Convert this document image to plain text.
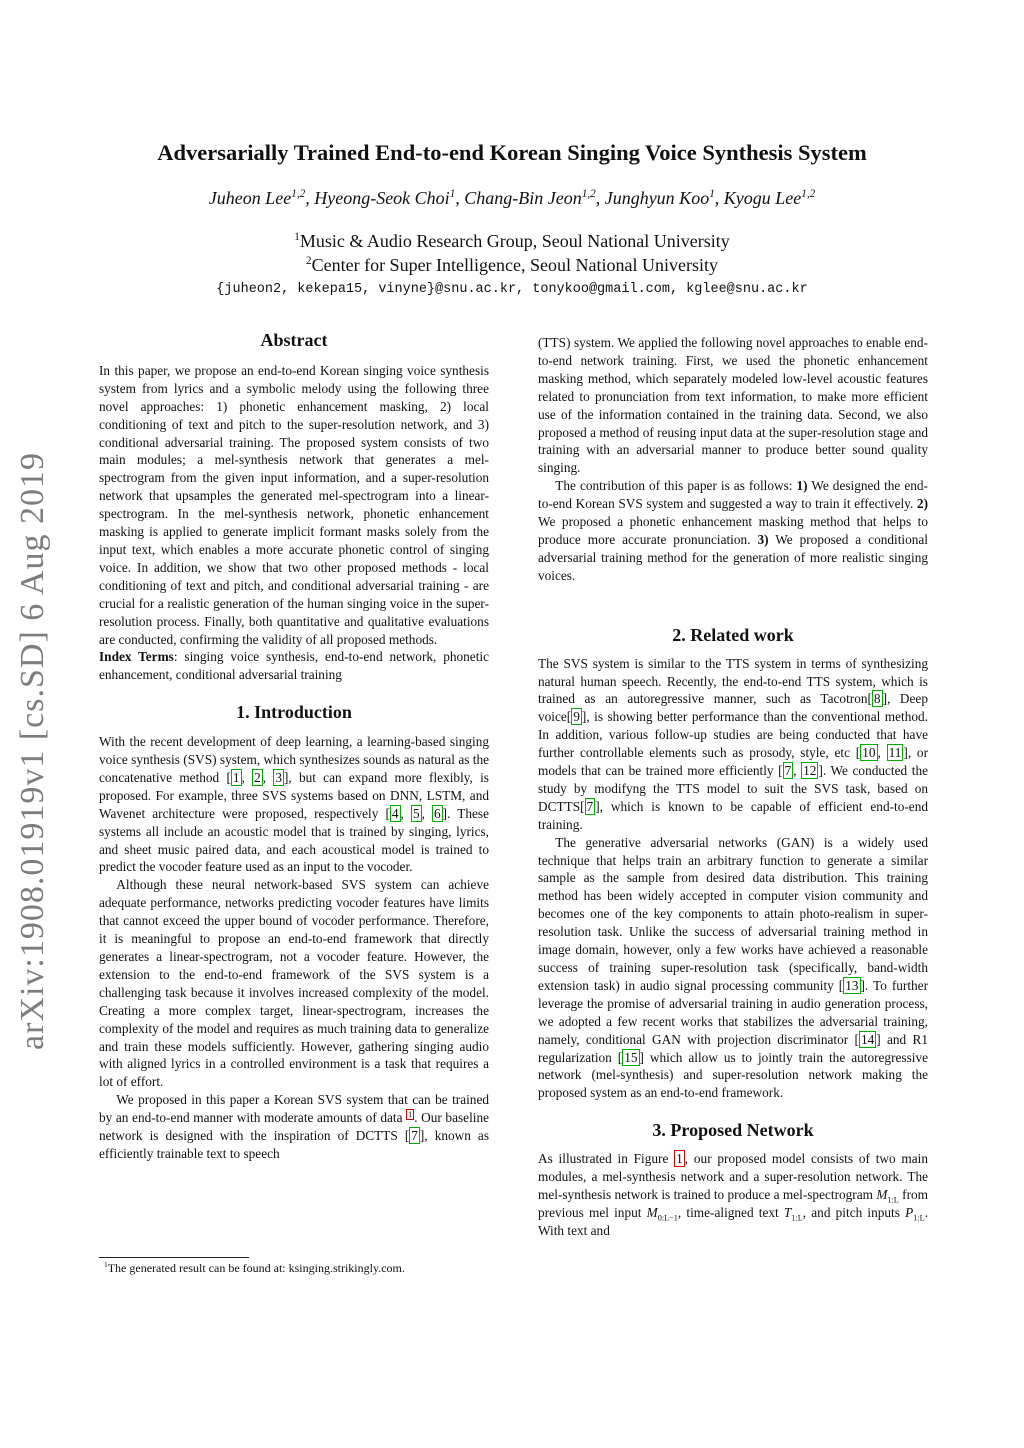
arXiv:1908.01919v1 [cs.SD] 6 Aug 2019
Adversarially Trained End-to-end Korean Singing Voice Synthesis System
Juheon Lee$^{1,2}$, Hyeong-Seok Choi$^1$, Chang-Bin Jeon$^{1,2}$, Junghyun Koo$^1$, Kyogu Lee$^{1,2}$
$^1$Music & Audio Research Group, Seoul National University
$^2$Center for Super Intelligence, Seoul National University
{juheon2, kekepa15, vinyne}@snu.ac.kr, tonykoo@gmail.com, kglee@snu.ac.kr
Abstract

In this paper, we propose an end-to-end Korean singing voice synthesis system from lyrics and a symbolic melody using the following three novel approaches: 1) phonetic enhancement masking, 2) local conditioning of text and pitch to the super-resolution network, and 3) conditional adversarial training. The proposed system consists of two main modules; a mel-synthesis network that generates a mel-spectrogram from the given input information, and a super-resolution network that upsamples the generated mel-spectrogram into a linear-spectrogram. In the mel-synthesis network, phonetic enhancement masking is applied to generate implicit formant masks solely from the input text, which enables a more accurate phonetic control of singing voice. In addition, we show that two other proposed methods - local conditioning of text and pitch, and conditional adversarial training - are crucial for a realistic generation of the human singing voice in the super-resolution process. Finally, both quantitative and qualitative evaluations are conducted, confirming the validity of all proposed methods.

Index Terms: singing voice synthesis, end-to-end network, phonetic enhancement, conditional adversarial training

1. Introduction

With the recent development of deep learning, a learning-based singing voice synthesis (SVS) system, which synthesizes sounds as natural as the concatenative method [ 1 , 2 , 3 ], but can expand more flexibly, is proposed. For example, three SVS systems based on DNN, LSTM, and Wavenet architecture were proposed, respectively [ 4 , 5 , 6 ]. These systems all include an acoustic model that is trained by singing, lyrics, and sheet music paired data, and each acoustical model is trained to predict the vocoder feature used as an input to the vocoder.

Although these neural network-based SVS system can achieve adequate performance, networks predicting vocoder features have limits that cannot exceed the upper bound of vocoder performance. Therefore, it is meaningful to propose an end-to-end framework that directly generates a linear-spectrogram, not a vocoder feature. However, the extension to the end-to-end framework of the SVS system is a challenging task because it involves increased complexity of the model. Creating a more complex target, linear-spectrogram, increases the complexity of the model and requires as much training data to generalize and train these models sufficiently. However, gathering singing audio with aligned lyrics in a controlled environment is a task that requires a lot of effort.

We proposed in this paper a Korean SVS system that can be trained by an end-to-end manner with moderate amounts of data $^1$ . Our baseline network is designed with the inspiration of DCTTS [ 7 ], known as efficiently trainable text to speech

$^1$The generated result can be found at: ksinging.strikingly.com.

(TTS) system. We applied the following novel approaches to enable end-to-end network training. First, we used the phonetic enhancement masking method, which separately modeled low-level acoustic features related to pronunciation from text information, to make more efficient use of the information contained in the training data. Second, we also proposed a method of reusing input data at the super-resolution stage and training with an adversarial manner to produce better sound quality singing.

The contribution of this paper is as follows: 1) We designed the end-to-end Korean SVS system and suggested a way to train it effectively. 2) We proposed a phonetic enhancement masking method that helps to produce more accurate pronunciation. 3) We proposed a conditional adversarial training method for the generation of more realistic singing voices.

2. Related work

The SVS system is similar to the TTS system in terms of synthesizing natural human speech. Recently, the end-to-end TTS system, which is trained as an autoregressive manner, such as Tacotron[ 8 ], Deep voice[ 9 ], is showing better performance than the conventional method. In addition, various follow-up studies are being conducted that have further controllable elements such as prosody, style, etc [ 10 , 11 ], or models that can be trained more efficiently [ 7 , 12 ]. We conducted the study by modifyng the TTS model to suit the SVS task, based on DCTTS[ 7 ], which is known to be capable of efficient end-to-end training.

The generative adversarial networks (GAN) is a widely used technique that helps train an arbitrary function to generate a similar sample as the sample from desired data distribution. This training method has been widely accepted in computer vision community and becomes one of the key components to attain photo-realism in super-resolution task. Unlike the success of adversarial training method in image domain, however, only a few works have achieved a reasonable success of training super-resolution task (specifically, band-width extension task) in audio signal processing community [ 13 ]. To further leverage the promise of adversarial training in audio generation process, we adopted a few recent works that stabilizes the adversarial training, namely, conditional GAN with projection discriminator [ 14 ] and R1 regularization [ 15 ] which allow us to jointly train the autoregressive network (mel-synthesis) and super-resolution network making the proposed system as an end-to-end framework.

3. Proposed Network

As illustrated in Figure 1 , our proposed model consists of two main modules, a mel-synthesis network and a super-resolution network. The mel-synthesis network is trained to produce a mel-spectrogram $M_{1:L}$ from previous mel input $M_{0:L-1}$, time-aligned text $T_{1:L}$, and pitch inputs $P_{1:L}$. With text and
